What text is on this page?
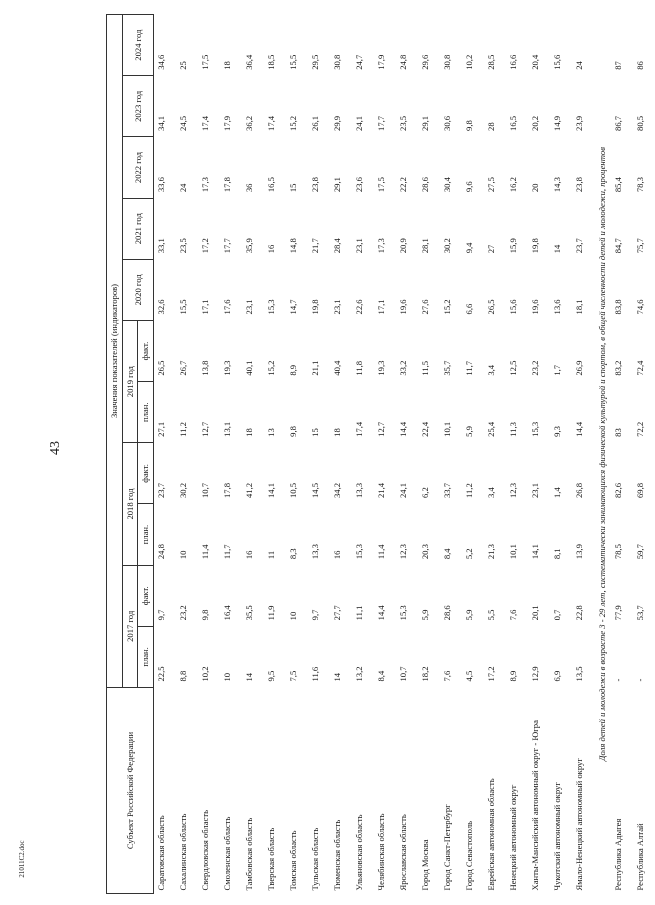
43
Субъект Российской Федерации	Значения показателей (индикаторов)										
	2017 год		2018 год		2019 год		2020 год	2021 год	2022 год	2023 год	2024 год
	план.	факт.	план.	факт.	план.	факт.					
Саратовская область	22,5	9,7	24,8	23,7	27,1	26,5	32,6	33,1	33,6	34,1	34,6
Сахалинская область	8,8	23,2	10	30,2	11,2	26,7	15,5	23,5	24	24,5	25
Свердловская область	10,2	9,8	11,4	10,7	12,7	13,8	17,1	17,2	17,3	17,4	17,5
Смоленская область	10	16,4	11,7	17,8	13,1	19,3	17,6	17,7	17,8	17,9	18
Тамбовская область	14	35,5	16	41,2	18	40,1	23,1	35,9	36	36,2	36,4
Тверская область	9,5	11,9	11	14,1	13	15,2	15,3	16	16,5	17,4	18,5
Томская область	7,5	10	8,3	10,5	9,8	8,9	14,7	14,8	15	15,2	15,5
Тульская область	11,6	9,7	13,3	14,5	15	21,1	19,8	21,7	23,8	26,1	29,5
Тюменская область	14	27,7	16	34,2	18	40,4	23,1	28,4	29,1	29,9	30,8
Ульяновская область	13,2	11,1	15,3	13,3	17,4	11,8	22,6	23,1	23,6	24,1	24,7
Челябинская область	8,4	14,4	11,4	21,4	12,7	19,3	17,1	17,3	17,5	17,7	17,9
Ярославская область	10,7	15,3	12,3	24,1	14,4	33,2	19,6	20,9	22,2	23,5	24,8
Город Москва	18,2	5,9	20,3	6,2	22,4	11,5	27,6	28,1	28,6	29,1	29,6
Город Санкт-Петербург	7,6	28,6	8,4	33,7	10,1	35,7	15,2	30,2	30,4	30,6	30,8
Город Севастополь	4,5	5,9	5,2	11,2	5,9	11,7	6,6	9,4	9,6	9,8	10,2
Еврейская автономная область	17,2	5,5	21,3	3,4	25,4	3,4	26,5	27	27,5	28	28,5
Ненецкий автономный округ	8,9	7,6	10,1	12,3	11,3	12,5	15,6	15,9	16,2	16,5	16,6
Ханты-Мансийский автономный округ - Югра	12,9	20,1	14,1	23,1	15,3	23,2	19,6	19,8	20	20,2	20,4
Чукотский автономный округ	6,9	0,7	8,1	1,4	9,3	1,7	13,6	14	14,3	14,9	15,6
Ямало-Ненецкий автономный округ	13,5	22,8	13,9	26,8	14,4	26,9	18,1	23,7	23,8	23,9	24
Доля детей и молодежи в возрасте 3 - 29 лет, систематически занимающихся физической культурой и спортом, в общей численности детей и молодежи, процентов											
Республика Адыгея	-	77,9	78,5	82,6	83	83,2	83,8	84,7	85,4	86,7	87
Республика Алтай	-	53,7	59,7	69,8	72,2	72,4	74,6	75,7	78,3	80,5	86
21011C2.doc
